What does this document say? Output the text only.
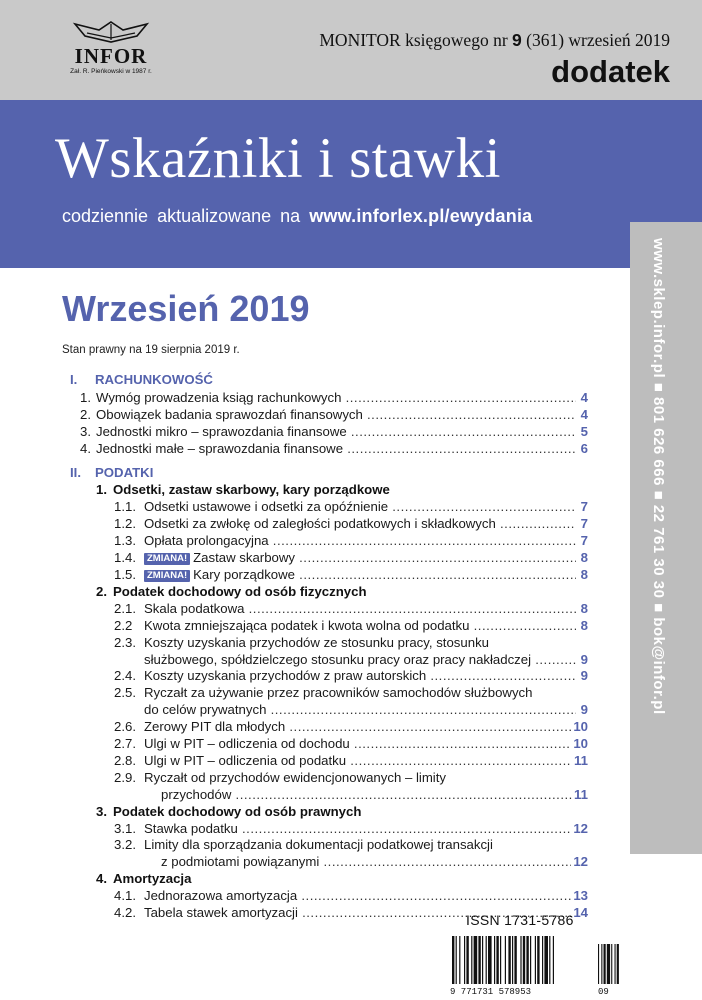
INFOR
Zał. R. Pieńkowski w 1987 r.
MONITOR księgowego nr 9 (361) wrzesień 2019
dodatek
Wskaźniki i stawki
codziennie aktualizowane na www.inforlex.pl/ewydania
www.sklep.infor.pl ■ 801 626 666 ■ 22 761 30 30 ■ bok@infor.pl
Wrzesień 2019
Stan prawny na 19 sierpnia 2019 r.
I. RACHUNKOWOŚĆ
1. Wymóg prowadzenia ksiąg rachunkowych .....	4
2. Obowiązek badania sprawozdań finansowych .....	4
3. Jednostki mikro – sprawozdania finansowe .....	5
4. Jednostki małe – sprawozdania finansowe .....	6
II. PODATKI
1. Odsetki, zastaw skarbowy, kary porządkowe
1.1. Odsetki ustawowe i odsetki za opóźnienie .....	7
1.2. Odsetki za zwłokę od zaległości podatkowych i składkowych .....	7
1.3. Opłata prolongacyjna .....	7
1.4.	ZMIANA! Zastaw skarbowy .....	8
1.5.	ZMIANA! Kary porządkowe .....	8
2. Podatek dochodowy od osób fizycznych
2.1. Skala podatkowa .....	8
2.2 Kwota zmniejszająca podatek i kwota wolna od podatku .....	8
2.3. Koszty uzyskania przychodów ze stosunku pracy, stosunku
służbowego, spółdzielczego stosunku pracy oraz pracy nakładczej .....	9
2.4. Koszty uzyskania przychodów z praw autorskich .....	9
2.5. Ryczałt za używanie przez pracowników samochodów służbowych
do celów prywatnych .....	9
2.6. Zerowy PIT dla młodych .....	10
2.7. Ulgi w PIT – odliczenia od dochodu .....	10
2.8. Ulgi w PIT – odliczenia od podatku .....	11
2.9. Ryczałt od przychodów ewidencjonowanych – limity
przychodów .....	11
3. Podatek dochodowy od osób prawnych
3.1. Stawka podatku .....	12
3.2. Limity dla sporządzania dokumentacji podatkowej transakcji
z podmiotami powiązanymi .....	12
4. Amortyzacja
4.1. Jednorazowa amortyzacja .....	13
4.2. Tabela stawek amortyzacji .....	14
ISSN 1731-5786
9 771731 578953	09
